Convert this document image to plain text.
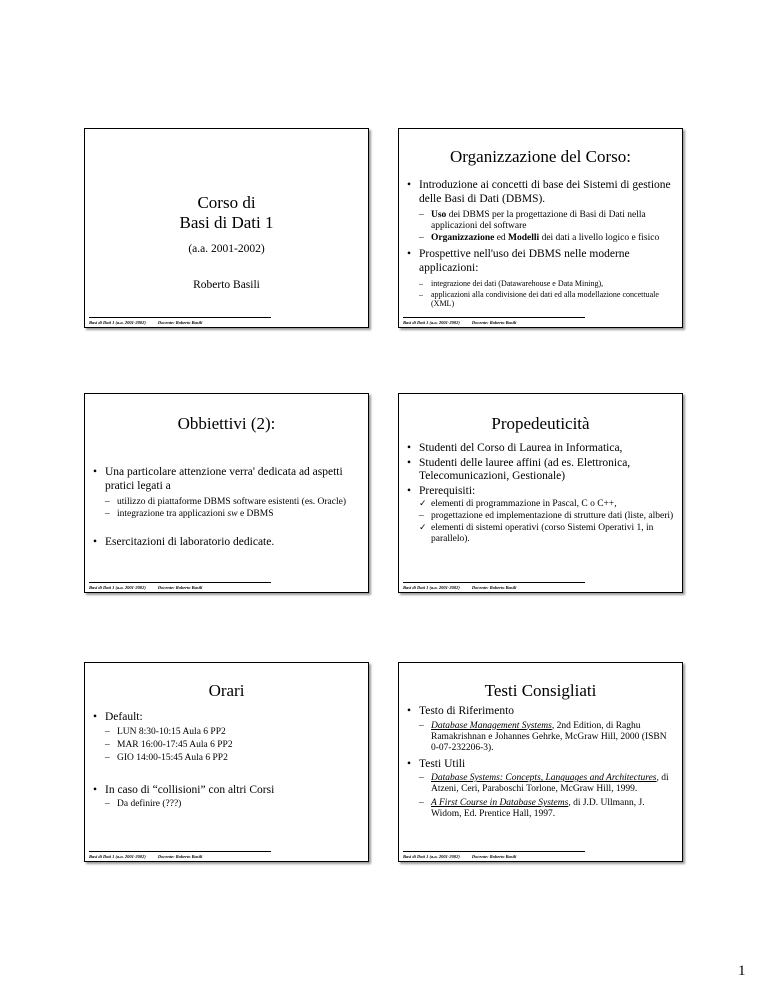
Corso di
Basi di Dati 1
(a.a. 2001-2002)
Roberto Basili
Basi di Dati 1 (a.a. 2001-2002)	Docente: Roberto Basili
Organizzazione del Corso:
• Introduzione ai concetti di base dei Sistemi di gestione delle Basi di Dati (DBMS).
– Uso dei DBMS per la progettazione di Basi di Dati nella applicazioni del software
– Organizzazione ed Modelli dei dati a livello logico e fisico
• Prospettive nell'uso dei DBMS nelle moderne applicazioni:
– integrazione dei dati (Datawarehouse e Data Mining),
– applicazioni alla condivisione dei dati ed alla modellazione concettuale (XML)
Basi di Dati 1 (a.a. 2001-2002)	Docente: Roberto Basili
Obbiettivi (2):
• Una particolare attenzione verra' dedicata ad aspetti pratici legati a
– utilizzo di piattaforme DBMS software esistenti (es. Oracle)
– integrazione tra applicazioni sw e DBMS
• Esercitazioni di laboratorio dedicate.
Basi di Dati 1 (a.a. 2001-2002)	Docente: Roberto Basili
Propedeuticità
• Studenti del Corso di Laurea in Informatica,
• Studenti delle lauree affini (ad es. Elettronica, Telecomunicazioni, Gestionale)
• Prerequisiti:
✓ elementi di programmazione in Pascal, C o C++,
– progettazione ed implementazione di strutture dati (liste, alberi)
✓ elementi di sistemi operativi (corso Sistemi Operativi 1, in parallelo).
Basi di Dati 1 (a.a. 2001-2002)	Docente: Roberto Basili
Orari
• Default:
– LUN 8:30-10:15 Aula 6 PP2
– MAR 16:00-17:45 Aula 6 PP2
– GIO 14:00-15:45 Aula 6 PP2
• In caso di “collisioni” con altri Corsi
– Da definire (???)
Basi di Dati 1 (a.a. 2001-2002)	Docente: Roberto Basili
Testi Consigliati
• Testo di Riferimento
– Database Management Systems, 2nd Edition, di Raghu Ramakrishnan e Johannes Gehrke, McGraw Hill, 2000 (ISBN 0-07-232206-3).
• Testi Utili
– Database Systems: Concepts, Languages and Architectures, di Atzeni, Ceri, Paraboschi Torlone, McGraw Hill, 1999.
– A First Course in Database Systems, di J.D. Ullmann, J. Widom, Ed. Prentice Hall, 1997.
Basi di Dati 1 (a.a. 2001-2002)	Docente: Roberto Basili
1
